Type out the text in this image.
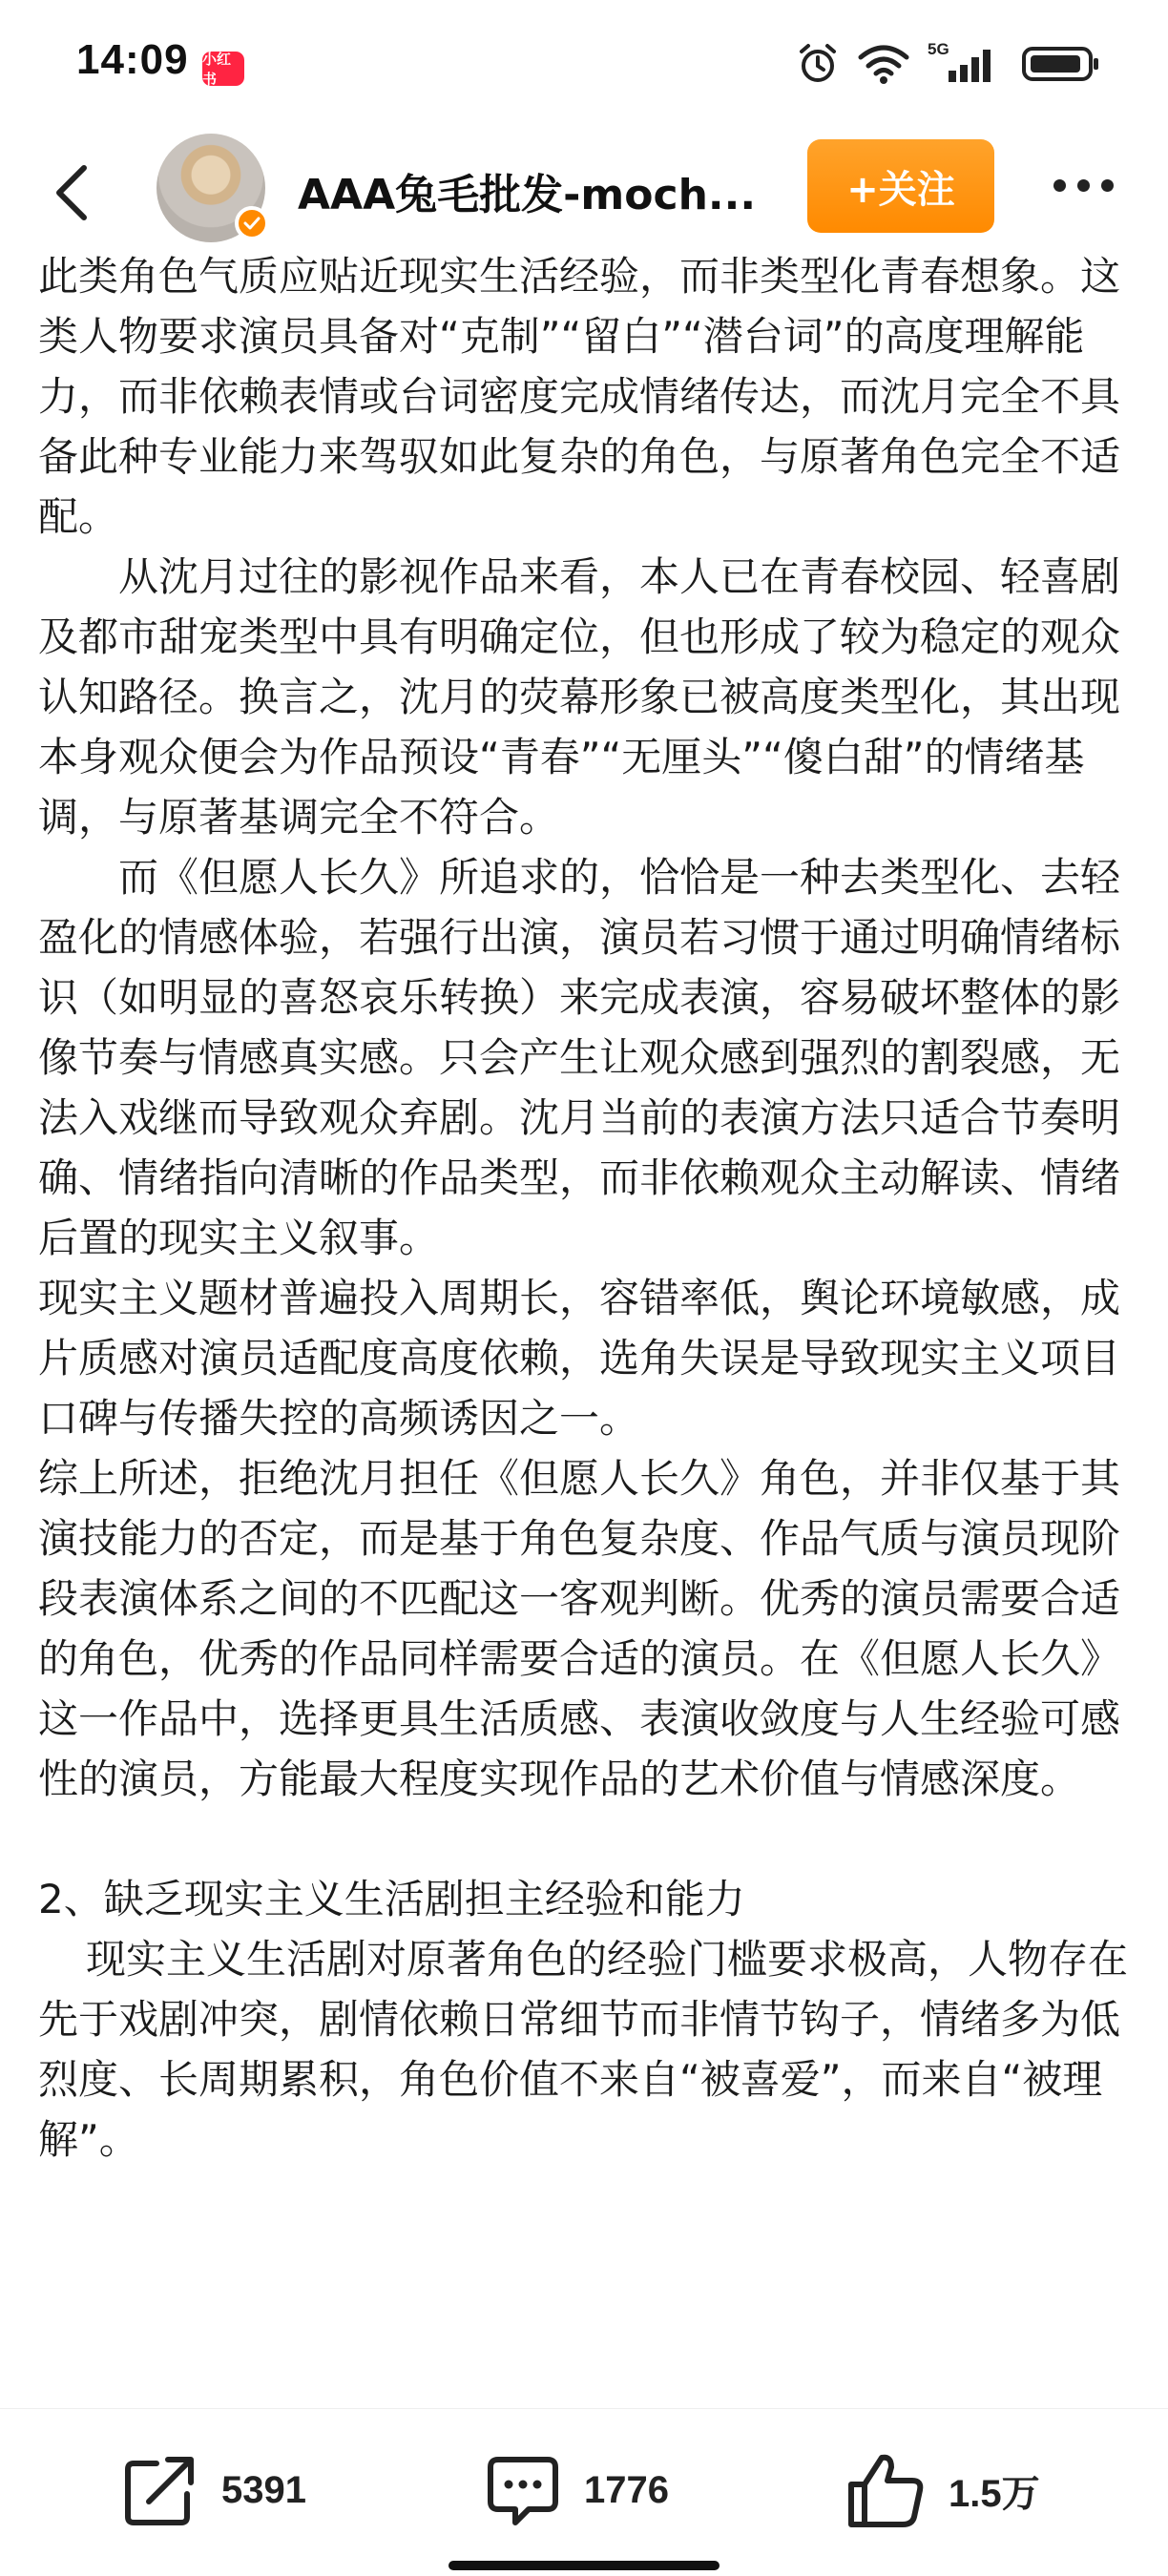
14:09 小红书
5G
AAA兔毛批发-moch...	+关注

此类角色气质应贴近现实生活经验，而非类型化青春想象。这类人物要求演员具备对“克制”“留白”“潜台词”的高度理解能力，而非依赖表情或台词密度完成情绪传达，而沈月完全不具备此种专业能力来驾驭如此复杂的角色，与原著角色完全不适配。

从沈月过往的影视作品来看，本人已在青春校园、轻喜剧及都市甜宠类型中具有明确定位，但也形成了较为稳定的观众认知路径。换言之，沈月的荧幕形象已被高度类型化，其出现本身观众便会为作品预设“青春”“无厘头”“傻白甜”的情绪基调，与原著基调完全不符合。

而《但愿人长久》所追求的，恰恰是一种去类型化、去轻盈化的情感体验，若强行出演，演员若习惯于通过明确情绪标识（如明显的喜怒哀乐转换）来完成表演，容易破坏整体的影像节奏与情感真实感。只会产生让观众感到强烈的割裂感，无法入戏继而导致观众弃剧。沈月当前的表演方法只适合节奏明确、情绪指向清晰的作品类型，而非依赖观众主动解读、情绪后置的现实主义叙事。

现实主义题材普遍投入周期长，容错率低，舆论环境敏感，成片质感对演员适配度高度依赖，选角失误是导致现实主义项目口碑与传播失控的高频诱因之一。

综上所述，拒绝沈月担任《但愿人长久》角色，并非仅基于其演技能力的否定，而是基于角色复杂度、作品气质与演员现阶段表演体系之间的不匹配这一客观判断。优秀的演员需要合适的角色，优秀的作品同样需要合适的演员。在《但愿人长久》这一作品中，选择更具生活质感、表演收敛度与人生经验可感性的演员，方能最大程度实现作品的艺术价值与情感深度。

2、缺乏现实主义生活剧担主经验和能力

现实主义生活剧对原著角色的经验门槛要求极高，人物存在先于戏剧冲突，剧情依赖日常细节而非情节钩子，情绪多为低烈度、长周期累积，角色价值不来自“被喜爱”，而来自“被理解”。

5391	1776	1.5万
